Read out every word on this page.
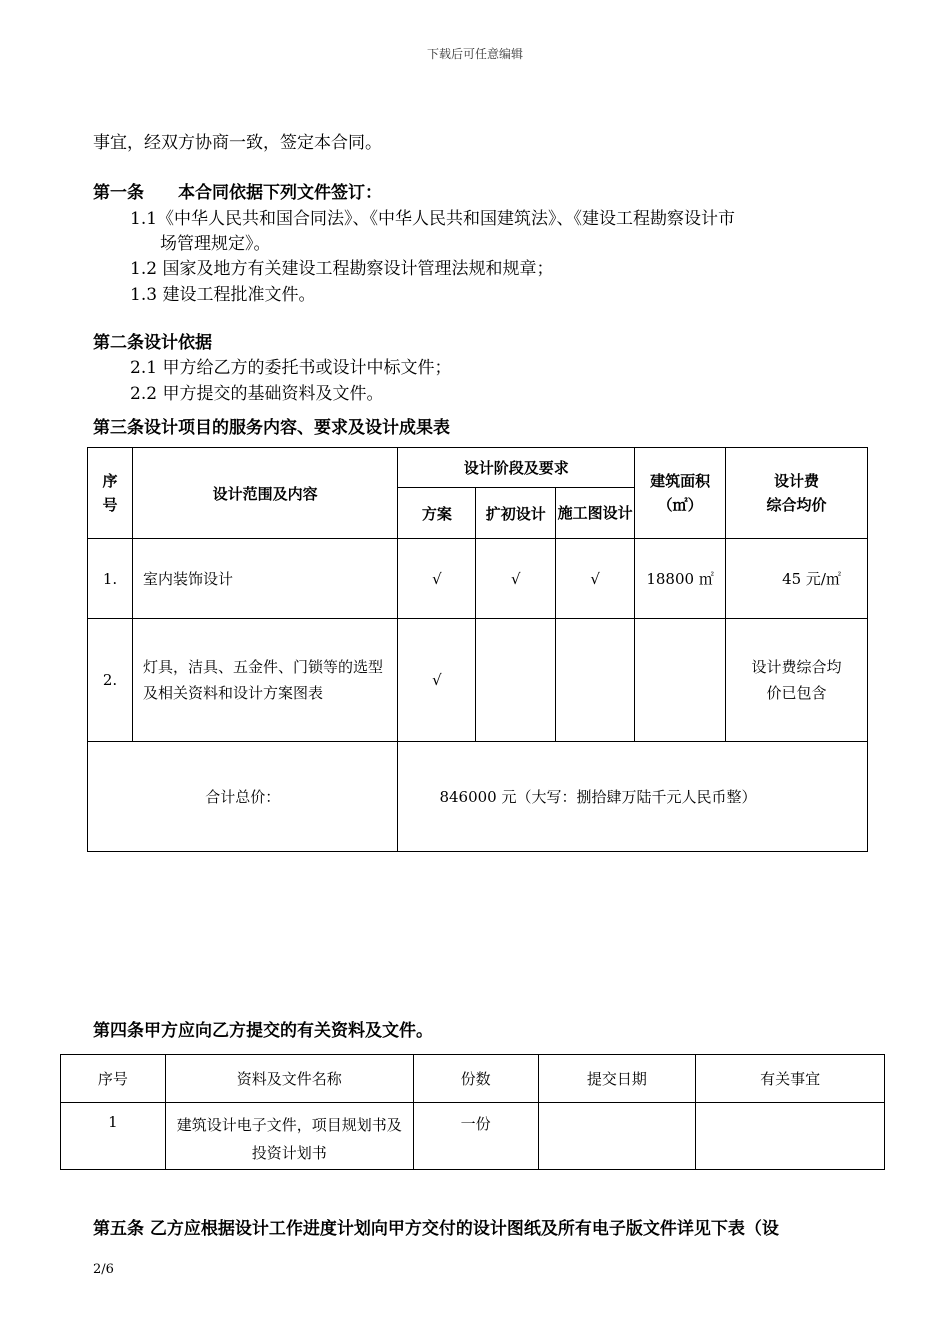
下载后可任意编辑
事宜，经双方协商一致，签定本合同。
第一条 本合同依据下列文件签订：
1.1《中华人民共和国合同法》、《中华人民共和国建筑法》、《建设工程勘察设计市
场管理规定》。
1.2 国家及地方有关建设工程勘察设计管理法规和规章；
1.3 建设工程批准文件。
第二条设计依据
2.1 甲方给乙方的委托书或设计中标文件；
2.2 甲方提交的基础资料及文件。
第三条设计项目的服务内容、要求及设计成果表
序号	设计范围及内容	设计阶段及要求			建筑面积（㎡）	设计费
综合均价

		方案	扩初设计	施工图设计		

1.	室内装饰设计	√	√	√	18800 ㎡	45 元/㎡
2.	灯具，洁具、五金件、门锁等的选型及相关资料和设计方案图表	√				设计费综合均价已包含

合计总价：		846000 元（大写：捌拾肆万陆千元人民币整）				
第四条甲方应向乙方提交的有关资料及文件。
序号	资料及文件名称	份数	提交日期	有关事宜
1	建筑设计电子文件，项目规划书及投资计划书	一份		
第五条 乙方应根据设计工作进度计划向甲方交付的设计图纸及所有电子版文件详见下表（设
2/6
